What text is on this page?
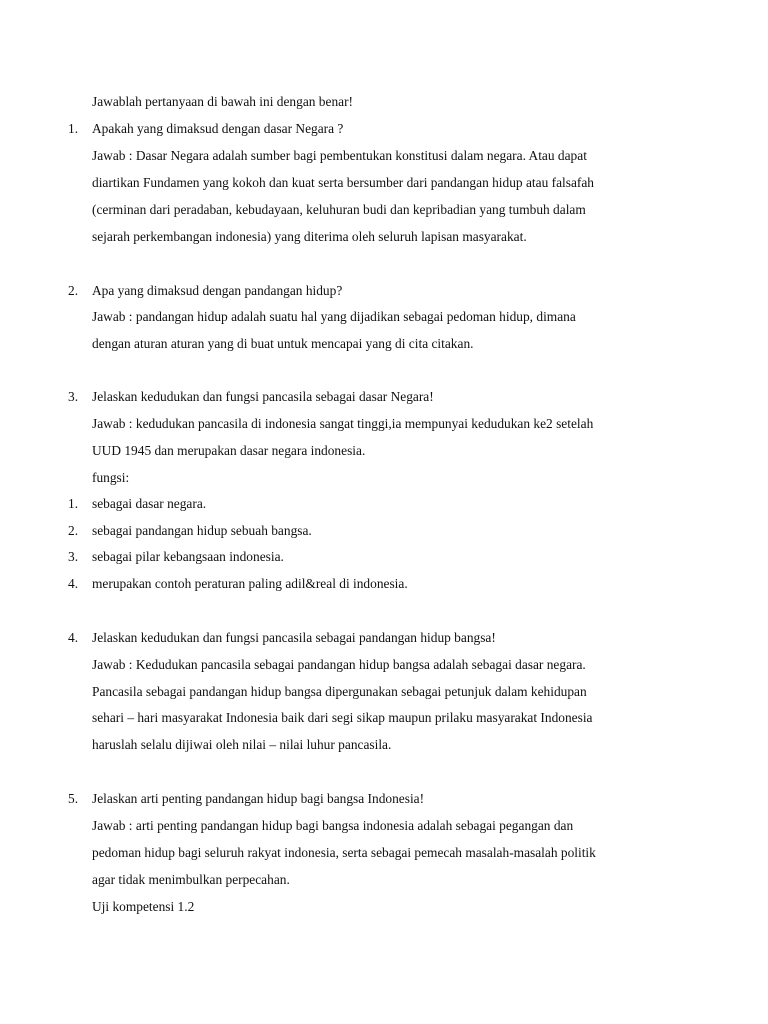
Jawablah pertanyaan di bawah ini dengan benar!
1. Apakah yang dimaksud dengan dasar Negara ?
Jawab : Dasar Negara adalah sumber bagi pembentukan konstitusi dalam negara. Atau dapat
diartikan Fundamen yang kokoh dan kuat serta bersumber dari pandangan hidup atau falsafah
(cerminan dari peradaban, kebudayaan, keluhuran budi dan kepribadian yang tumbuh dalam
sejarah perkembangan indonesia) yang diterima oleh seluruh lapisan masyarakat.
2. Apa yang dimaksud dengan pandangan hidup?
Jawab : pandangan hidup adalah suatu hal yang dijadikan sebagai pedoman hidup, dimana
dengan aturan aturan yang di buat untuk mencapai yang di cita citakan.
3. Jelaskan kedudukan dan fungsi pancasila sebagai dasar Negara!
Jawab : kedudukan pancasila di indonesia sangat tinggi,ia mempunyai kedudukan ke2 setelah
UUD 1945 dan merupakan dasar negara indonesia.
fungsi:
1. sebagai dasar negara.
2. sebagai pandangan hidup sebuah bangsa.
3. sebagai pilar kebangsaan indonesia.
4. merupakan contoh peraturan paling adil&real di indonesia.
4. Jelaskan kedudukan dan fungsi pancasila sebagai pandangan hidup bangsa!
Jawab : Kedudukan pancasila sebagai pandangan hidup bangsa adalah sebagai dasar negara.
Pancasila sebagai pandangan hidup bangsa dipergunakan sebagai petunjuk dalam kehidupan
sehari – hari masyarakat Indonesia baik dari segi sikap maupun prilaku masyarakat Indonesia
haruslah selalu dijiwai oleh nilai – nilai luhur pancasila.
5. Jelaskan arti penting pandangan hidup bagi bangsa Indonesia!
Jawab : arti penting pandangan hidup bagi bangsa indonesia adalah sebagai pegangan dan
pedoman hidup bagi seluruh rakyat indonesia, serta sebagai pemecah masalah-masalah politik
agar tidak menimbulkan perpecahan.
Uji kompetensi 1.2
